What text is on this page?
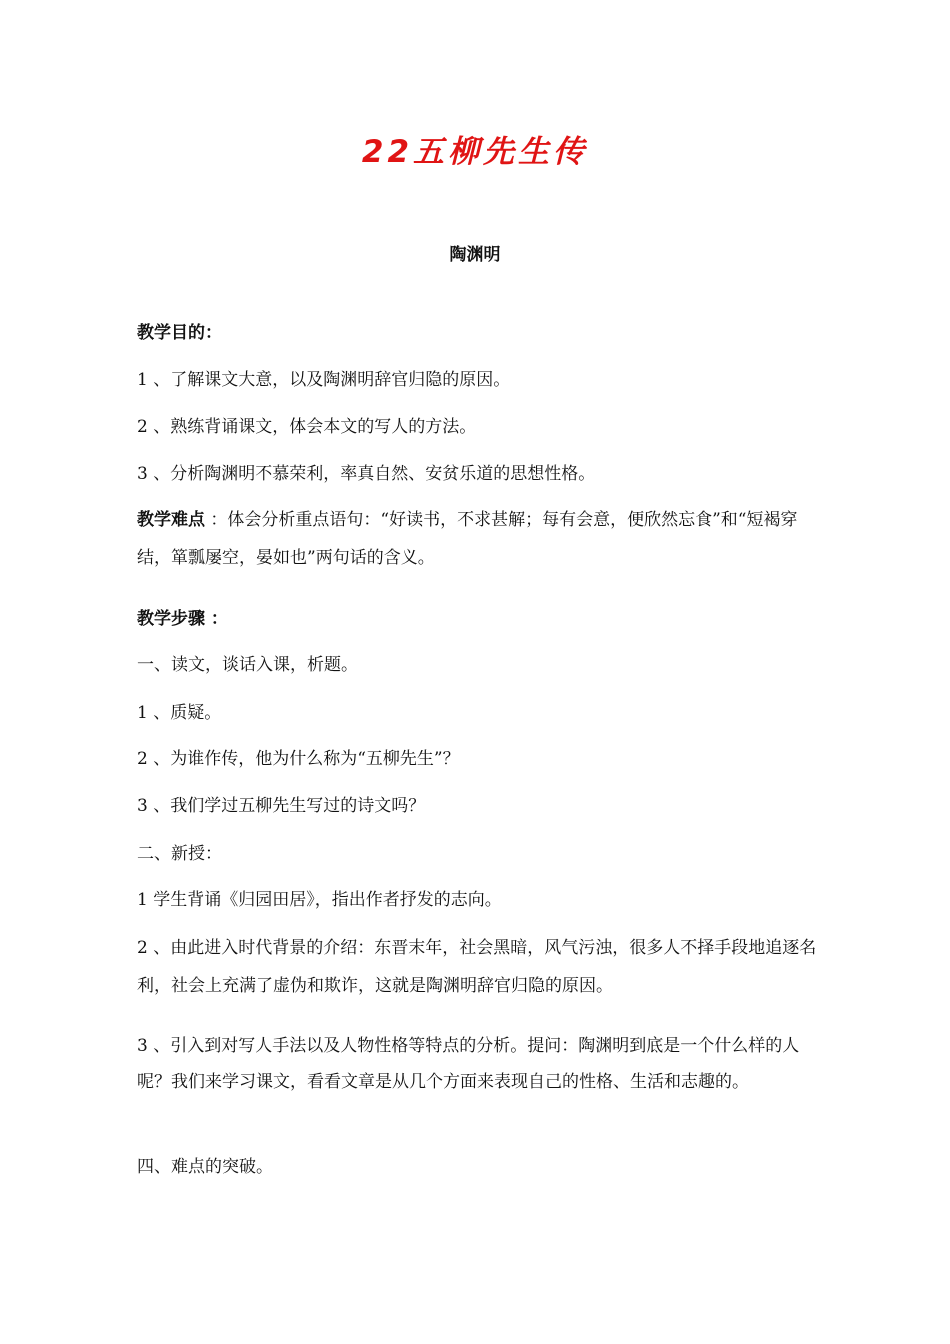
22五柳先生传
陶渊明
教学目的：
1 、了解课文大意，以及陶渊明辞官归隐的原因。
2 、熟练背诵课文，体会本文的写人的方法。
3 、分析陶渊明不慕荣利，率真自然、安贫乐道的思想性格。
教学难点 ：体会分析重点语句：“好读书，不求甚解；每有会意，便欣然忘食”和“短褐穿结，箪瓢屡空，晏如也”两句话的含义。
教学步骤 ：
一、读文，谈话入课，析题。
1 、质疑。
2 、为谁作传，他为什么称为“五柳先生”？
3 、我们学过五柳先生写过的诗文吗？
二、新授：
1 学生背诵《归园田居》，指出作者抒发的志向。
2 、由此进入时代背景的介绍：东晋末年，社会黑暗，风气污浊，很多人不择手段地追逐名利，社会上充满了虚伪和欺诈，这就是陶渊明辞官归隐的原因。
3 、引入到对写人手法以及人物性格等特点的分析。提问：陶渊明到底是一个什么样的人呢？我们来学习课文，看看文章是从几个方面来表现自己的性格、生活和志趣的。
四、难点的突破。
